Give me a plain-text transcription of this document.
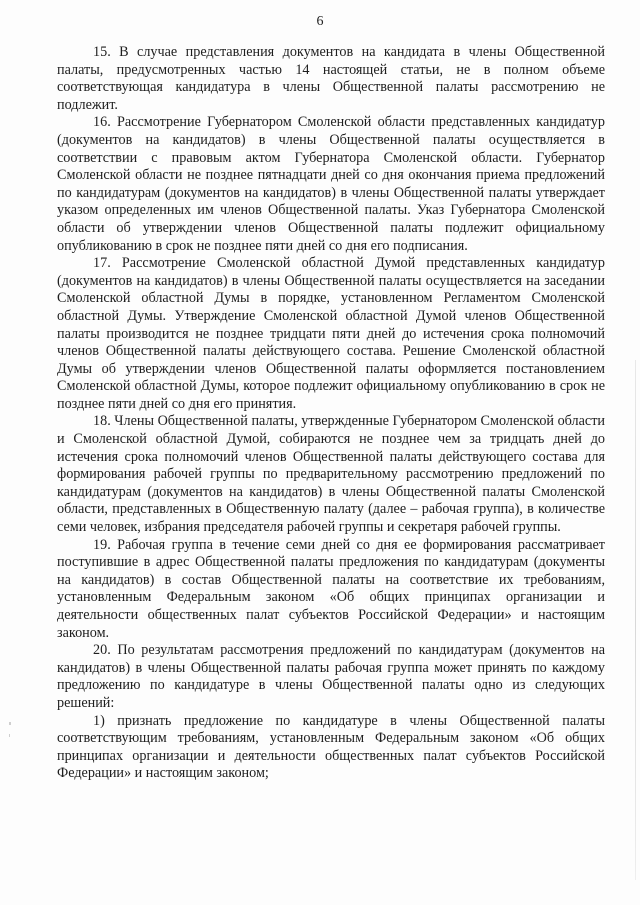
6

15. В случае представления документов на кандидата в члены Общественной палаты, предусмотренных частью 14 настоящей статьи, не в полном объеме соответствующая кандидатура в члены Общественной палаты рассмотрению не подлежит.

16. Рассмотрение Губернатором Смоленской области представленных кандидатур (документов на кандидатов) в члены Общественной палаты осуществляется в соответствии с правовым актом Губернатора Смоленской области. Губернатор Смоленской области не позднее пятнадцати дней со дня окончания приема предложений по кандидатурам (документов на кандидатов) в члены Общественной палаты утверждает указом определенных им членов Общественной палаты. Указ Губернатора Смоленской области об утверждении членов Общественной палаты подлежит официальному опубликованию в срок не позднее пяти дней со дня его подписания.

17. Рассмотрение Смоленской областной Думой представленных кандидатур (документов на кандидатов) в члены Общественной палаты осуществляется на заседании Смоленской областной Думы в порядке, установленном Регламентом Смоленской областной Думы. Утверждение Смоленской областной Думой членов Общественной палаты производится не позднее тридцати пяти дней до истечения срока полномочий членов Общественной палаты действующего состава. Решение Смоленской областной Думы об утверждении членов Общественной палаты оформляется постановлением Смоленской областной Думы, которое подлежит официальному опубликованию в срок не позднее пяти дней со дня его принятия.

18. Члены Общественной палаты, утвержденные Губернатором Смоленской области и Смоленской областной Думой, собираются не позднее чем за тридцать дней до истечения срока полномочий членов Общественной палаты действующего состава для формирования рабочей группы по предварительному рассмотрению предложений по кандидатурам (документов на кандидатов) в члены Общественной палаты Смоленской области, представленных в Общественную палату (далее – рабочая группа), в количестве семи человек, избрания председателя рабочей группы и секретаря рабочей группы.

19. Рабочая группа в течение семи дней со дня ее формирования рассматривает поступившие в адрес Общественной палаты предложения по кандидатурам (документы на кандидатов) в состав Общественной палаты на соответствие их требованиям, установленным Федеральным законом «Об общих принципах организации и деятельности общественных палат субъектов Российской Федерации» и настоящим законом.

20. По результатам рассмотрения предложений по кандидатурам (документов на кандидатов) в члены Общественной палаты рабочая группа может принять по каждому предложению по кандидатуре в члены Общественной палаты одно из следующих решений:

1) признать предложение по кандидатуре в члены Общественной палаты соответствующим требованиям, установленным Федеральным законом «Об общих принципах организации и деятельности общественных палат субъектов Российской Федерации» и настоящим законом;
